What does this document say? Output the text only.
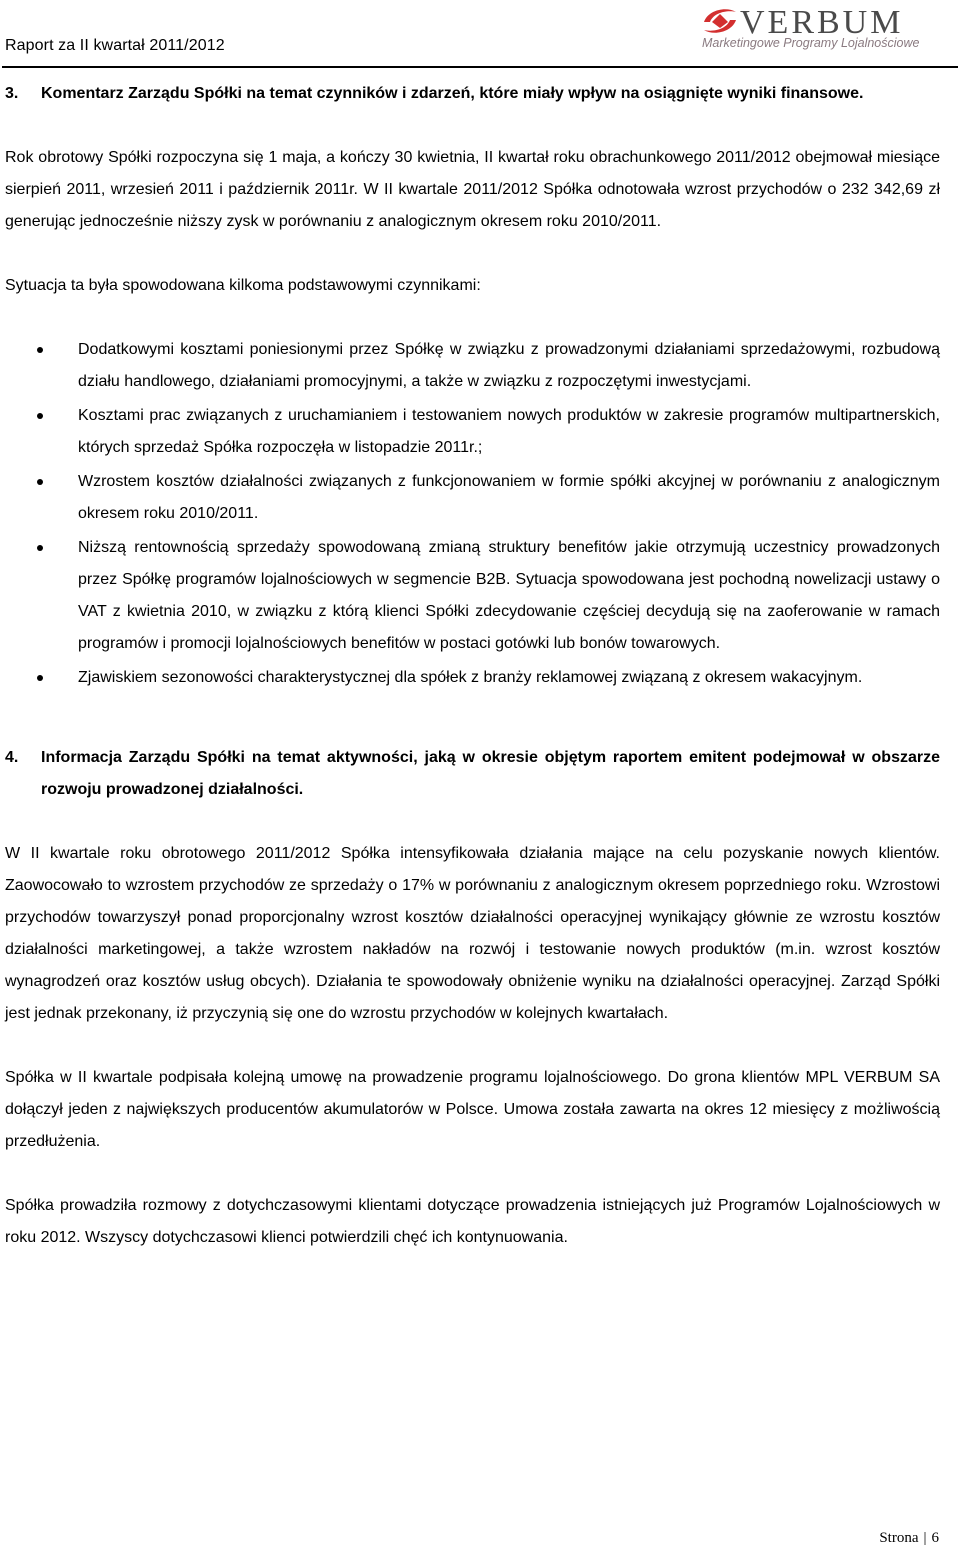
Raport za II kwartał 2011/2012
VERBUM
Marketingowe Programy Lojalnościowe
3.	Komentarz Zarządu Spółki na temat czynników i zdarzeń, które miały wpływ na osiągnięte wyniki finansowe.

Rok obrotowy Spółki rozpoczyna się 1 maja, a kończy 30 kwietnia, II kwartał roku obrachunkowego 2011/2012 obejmował miesiące sierpień 2011, wrzesień 2011 i październik 2011r. W II kwartale 2011/2012 Spółka odnotowała wzrost przychodów o 232 342,69 zł generując jednocześnie niższy zysk w porównaniu z analogicznym okresem roku 2010/2011.

Sytuacja ta była spowodowana kilkoma podstawowymi czynnikami:

Dodatkowymi kosztami poniesionymi przez Spółkę w związku z prowadzonymi działaniami sprzedażowymi, rozbudową działu handlowego, działaniami promocyjnymi, a także w związku z rozpoczętymi inwestycjami.
Kosztami prac związanych z uruchamianiem i testowaniem nowych produktów w zakresie programów multipartnerskich, których sprzedaż Spółka rozpoczęła w listopadzie 2011r.;
Wzrostem kosztów działalności związanych z funkcjonowaniem w formie spółki akcyjnej w porównaniu z analogicznym okresem roku 2010/2011.
Niższą rentownością sprzedaży spowodowaną zmianą struktury benefitów jakie otrzymują uczestnicy prowadzonych przez Spółkę programów lojalnościowych w segmencie B2B. Sytuacja spowodowana jest pochodną nowelizacji ustawy o VAT z kwietnia 2010, w związku z którą klienci Spółki zdecydowanie częściej decydują się na zaoferowanie w ramach programów i promocji lojalnościowych benefitów w postaci gotówki lub bonów towarowych.
Zjawiskiem sezonowości charakterystycznej dla spółek z branży reklamowej związaną z okresem wakacyjnym.
4.	Informacja Zarządu Spółki na temat aktywności, jaką w okresie objętym raportem emitent podejmował w obszarze rozwoju prowadzonej działalności.

W II kwartale roku obrotowego 2011/2012 Spółka intensyfikowała działania mające na celu pozyskanie nowych klientów. Zaowocowało to wzrostem przychodów ze sprzedaży o 17% w porównaniu z analogicznym okresem poprzedniego roku. Wzrostowi przychodów towarzyszył ponad proporcjonalny wzrost kosztów działalności operacyjnej wynikający głównie ze wzrostu kosztów działalności marketingowej, a także wzrostem nakładów na rozwój i testowanie nowych produktów (m.in. wzrost kosztów wynagrodzeń oraz kosztów usług obcych). Działania te spowodowały obniżenie wyniku na działalności operacyjnej. Zarząd Spółki jest jednak przekonany, iż przyczynią się one do wzrostu przychodów w kolejnych kwartałach.

Spółka w II kwartale podpisała kolejną umowę na prowadzenie programu lojalnościowego. Do grona klientów MPL VERBUM SA dołączył jeden z największych producentów akumulatorów w Polsce. Umowa została zawarta na okres 12 miesięcy z możliwością przedłużenia.

Spółka prowadziła rozmowy z dotychczasowymi klientami dotyczące prowadzenia istniejących już Programów Lojalnościowych w roku 2012. Wszyscy dotychczasowi klienci potwierdzili chęć ich kontynuowania.

Strona | 6
